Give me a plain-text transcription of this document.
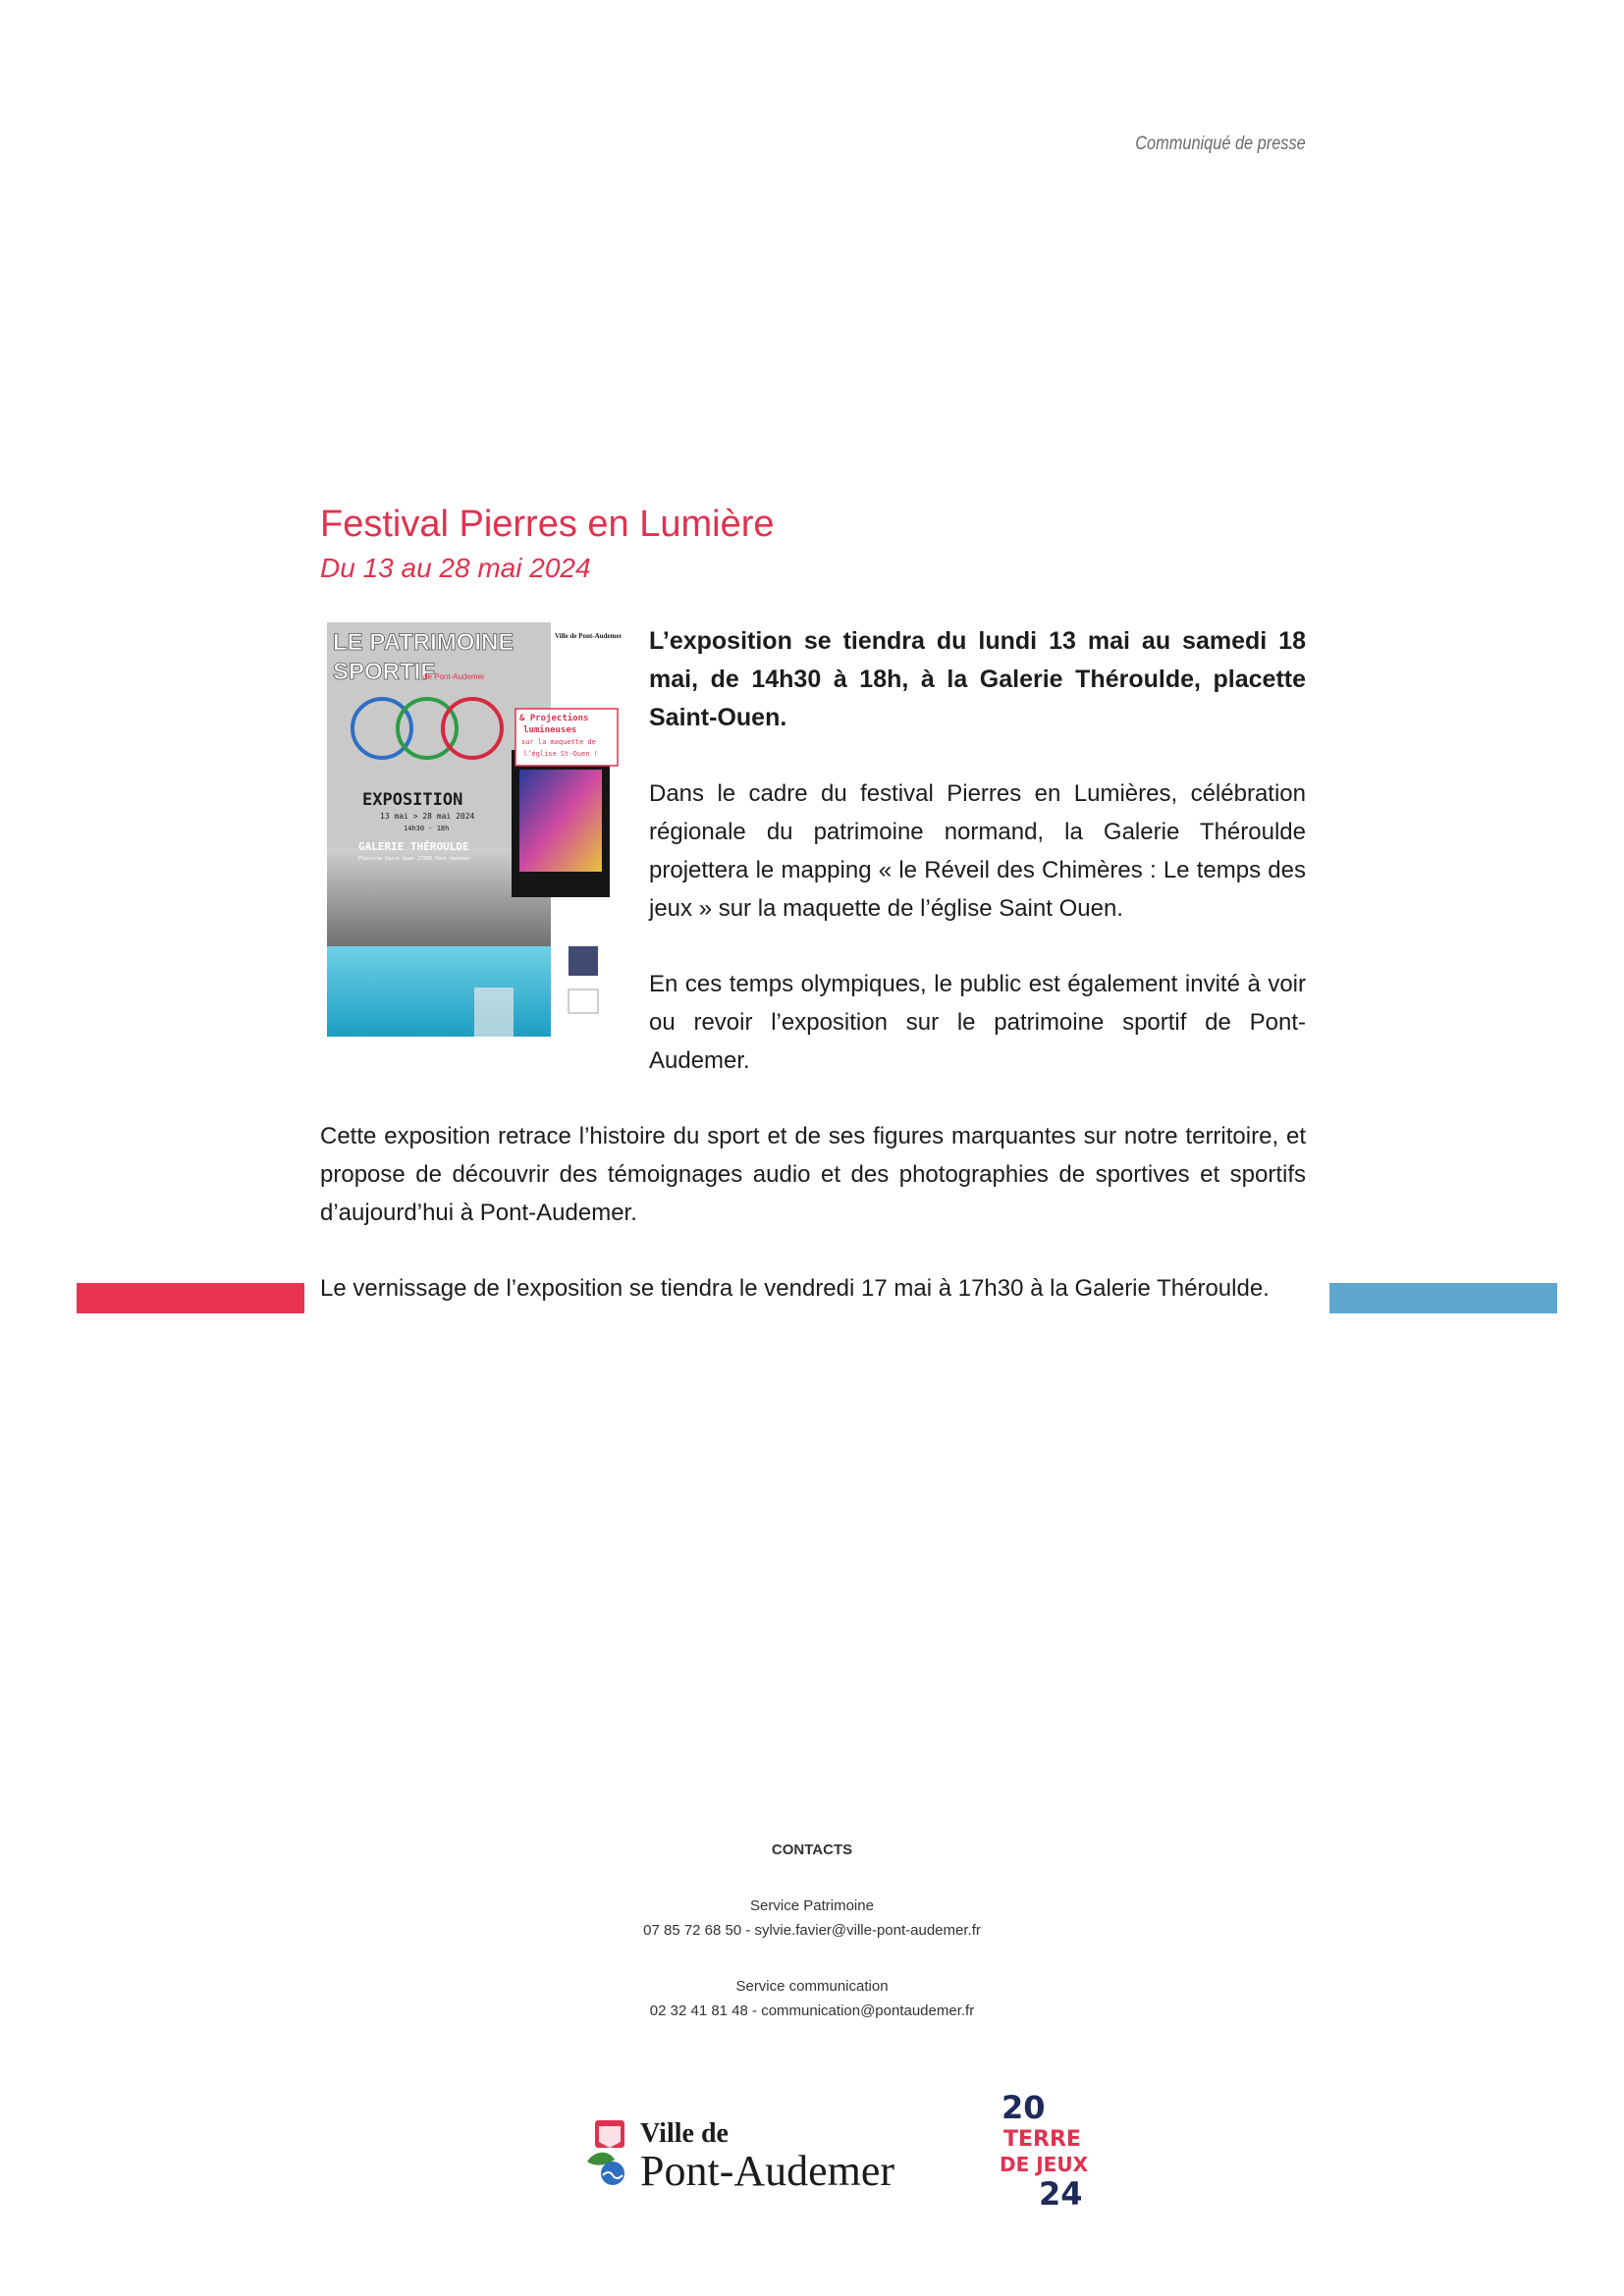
Communiqué de presse
Festival Pierres en Lumière
Du 13 au 28 mai 2024
LE PATRIMOINE
SPORTIF
de Pont-Audemer
Ville de Pont-Audemer
& Projections
lumineuses
sur la maquette de
l’église St-Ouen !
EXPOSITION
13 mai > 28 mai 2024
14h30 - 18h
GALERIE THÉROULDE
Placette Saint-Ouen 27500 Pont-Audemer

L’exposition se tiendra du lundi 13 mai au samedi 18 mai, de 14h30 à 18h, à la Galerie Théroulde, placette Saint-Ouen.

Dans le cadre du festival Pierres en Lumières, célébration régionale du patrimoine normand, la Galerie Théroulde projettera le mapping « le Réveil des Chimères : Le temps des jeux » sur la maquette de l’église Saint Ouen.

En ces temps olympiques, le public est également invité à voir ou revoir l’exposition sur le patrimoine sportif de Pont-Audemer.

Cette exposition retrace l’histoire du sport et de ses figures marquantes sur notre territoire, et propose de découvrir des témoignages audio et des photographies de sportives et sportifs d’aujourd’hui à Pont-Audemer.

Le vernissage de l’exposition se tiendra le vendredi 17 mai à 17h30 à la Galerie Théroulde.

CONTACTS
Service Patrimoine
07 85 72 68 50 - sylvie.favier@ville-pont-audemer.fr
Service communication
02 32 41 81 48 - communication@pontaudemer.fr
Ville de
Pont-Audemer
20
TERRE
DE JEUX
24
